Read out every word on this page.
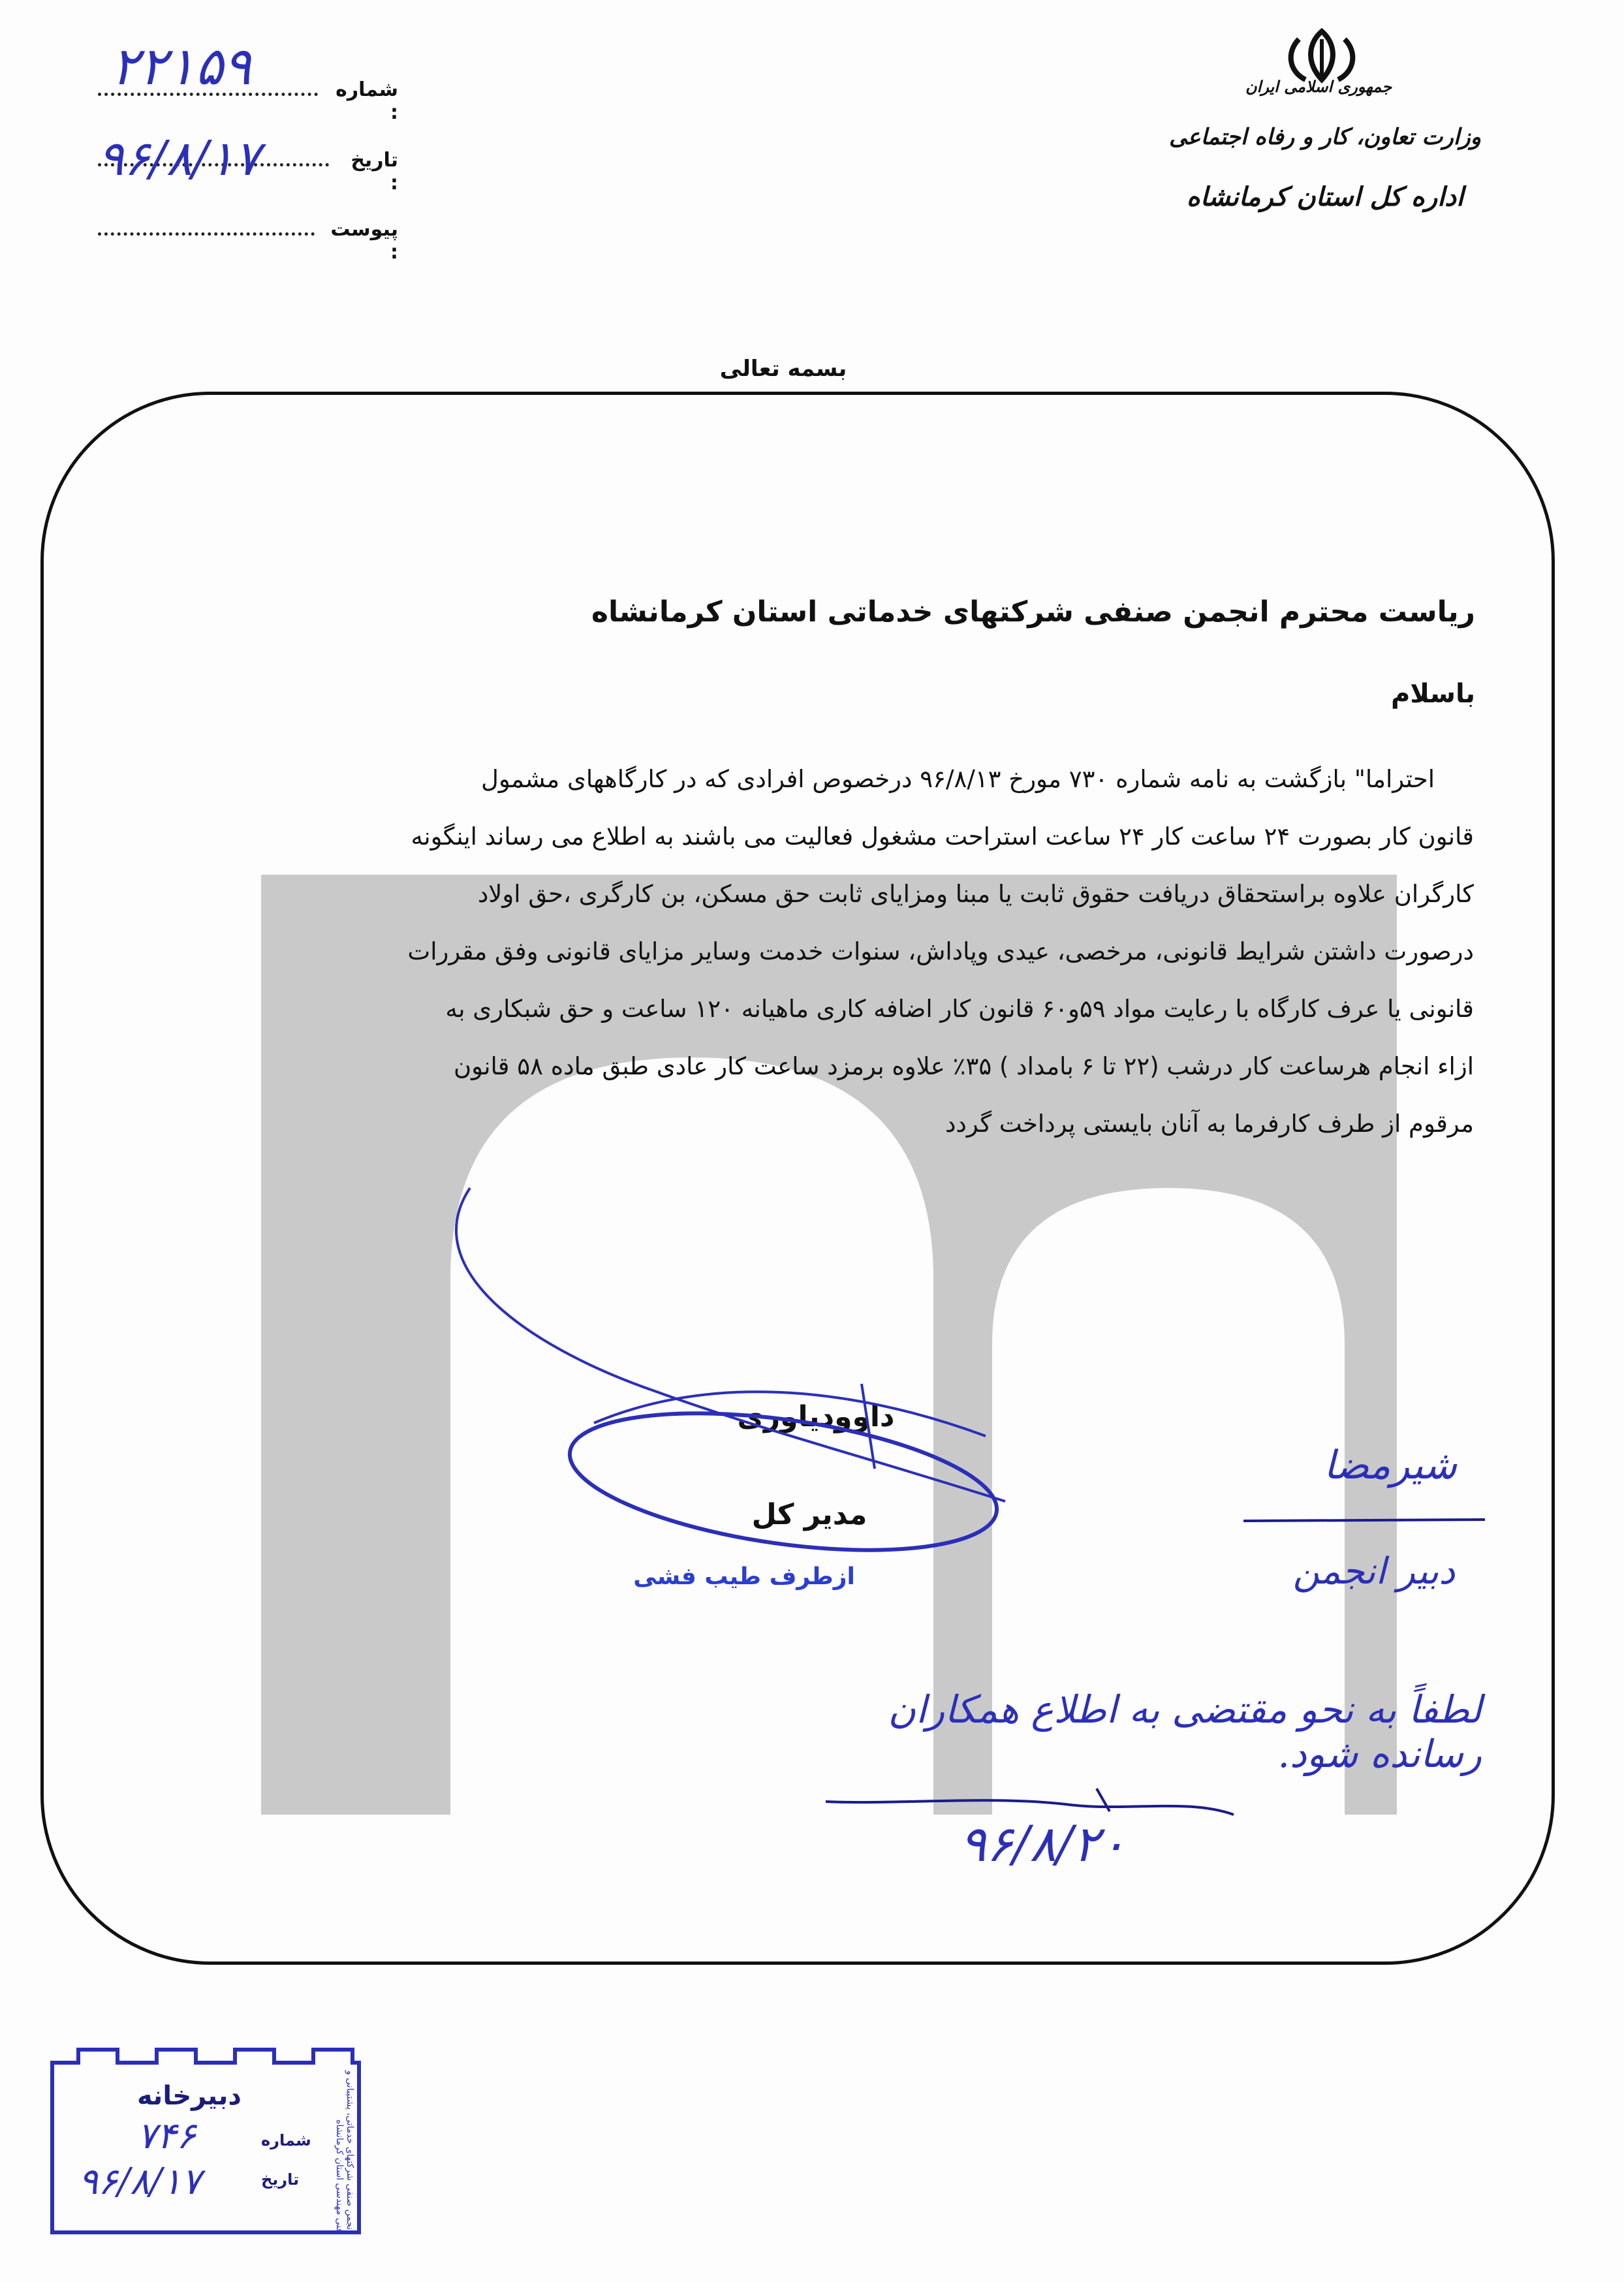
جمهوری اسلامی ایران
وزارت تعاون، کار و رفاه اجتماعی
اداره کل استان کرمانشاه
شماره :
تاریخ :
پیوست :
۲۲۱۵۹
۹۶/۸/۱۷
بسمه تعالی
ریاست محترم انجمن صنفی شرکتهای خدماتی استان کرمانشاه
باسلام
احتراما" بازگشت به نامه شماره ۷۳۰ مورخ ۹۶/۸/۱۳ درخصوص افرادی که در کارگاههای مشمول
قانون کار بصورت ۲۴ ساعت کار ۲۴ ساعت استراحت مشغول فعالیت می باشند به اطلاع می رساند اینگونه
کارگران علاوه براستحقاق دریافت حقوق ثابت یا مبنا ومزایای ثابت حق مسکن، بن کارگری ،حق اولاد
درصورت داشتن شرایط قانونی، مرخصی، عیدی وپاداش، سنوات خدمت وسایر مزایای قانونی وفق مقررات
قانونی یا عرف کارگاه با رعایت مواد ۵۹و۶۰ قانون کار اضافه کاری ماهیانه ۱۲۰ ساعت و حق شبکاری به
ازاء انجام هرساعت کار درشب (۲۲ تا ۶ بامداد ) ۳۵٪ علاوه برمزد ساعت کار عادی طبق ماده ۵۸ قانون
مرقوم از طرف کارفرما به آنان بایستی پرداخت گردد
داوودیاوری
مدیر کل
ازطرف طیب فشی
شیرمضا
دبیر انجمن
لطفاً به نحو مقتضی به اطلاع همکاران رسانده شود.
۹۶/۸/۲۰
انجمن صنفی شرکتهای خدماتی، پشتیبانی و فنی مهندسی استان کرمانشاه
دبیرخانه
شماره
۷۴۶
تاریخ
۹۶/۸/۱۷
